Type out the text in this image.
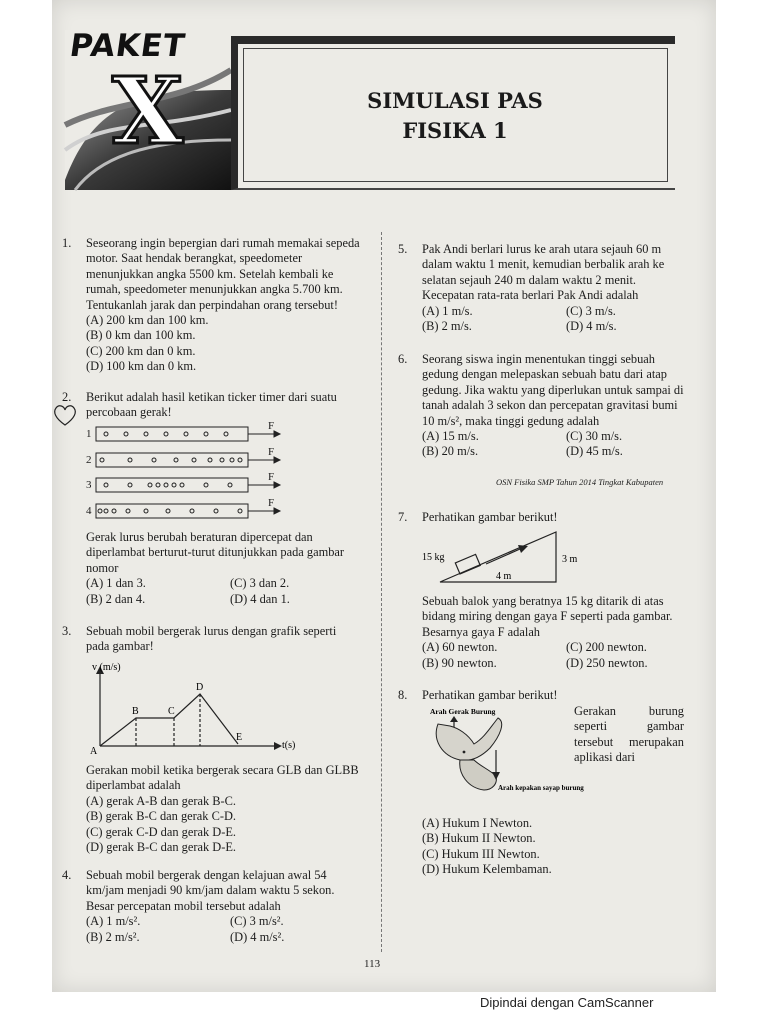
PAKET
X	SIMULASI PAS
FISIKA 1
1. Seseorang ingin bepergian dari rumah memakai sepeda motor. Saat hendak berangkat, speedometer menunjukkan angka 5500 km. Setelah kembali ke rumah, speedometer menunjukkan angka 5.700 km. Tentukanlah jarak dan perpindahan orang tersebut!

(A) 200 km dan 100 km.
(B) 0 km dan 100 km.
(C) 200 km dan 0 km.
(D) 100 km dan 0 km.
2. Berikut adalah hasil ketikan ticker timer dari suatu percobaan gerak!

1
2
3
4
F
F
F
F

Gerak lurus berubah beraturan dipercepat dan diperlambat berturut-turut ditunjukkan pada gambar nomor

(A) 1 dan 3.	(C) 3 dan 2.
(B) 2 dan 4.	(D) 4 dan 1.
3. Sebuah mobil bergerak lurus dengan grafik seperti pada gambar!

v (m/s)
t(s)
A
B	C
D
E

Gerakan mobil ketika bergerak secara GLB dan GLBB diperlambat adalah

(A) gerak A-B dan gerak B-C.
(B) gerak B-C dan gerak C-D.
(C) gerak C-D dan gerak D-E.
(D) gerak B-C dan gerak D-E.
4. Sebuah mobil bergerak dengan kelajuan awal 54 km/jam menjadi 90 km/jam dalam waktu 5 sekon. Besar percepatan mobil tersebut adalah

(A) 1 m/s².	(C) 3 m/s².
(B) 2 m/s².	(D) 4 m/s².
5. Pak Andi berlari lurus ke arah utara sejauh 60 m dalam waktu 1 menit, kemudian berbalik arah ke selatan sejauh 240 m dalam waktu 2 menit. Kecepatan rata-rata berlari Pak Andi adalah

(A) 1 m/s.	(C) 3 m/s.
(B) 2 m/s.	(D) 4 m/s.
6. Seorang siswa ingin menentukan tinggi sebuah gedung dengan melepaskan sebuah batu dari atap gedung. Jika waktu yang diperlukan untuk sampai di tanah adalah 3 sekon dan percepatan gravitasi bumi 10 m/s², maka tinggi gedung adalah

(A) 15 m/s.	(C) 30 m/s.
(B) 20 m/s.	(D) 45 m/s.
OSN Fisika SMP Tahun 2014 Tingkat Kabupaten
7. Perhatikan gambar berikut!

15 kg	3 m
4 m

Sebuah balok yang beratnya 15 kg ditarik di atas bidang miring dengan gaya F seperti pada gambar. Besarnya gaya F adalah

(A) 60 newton.	(C) 200 newton.
(B) 90 newton.	(D) 250 newton.
8. Perhatikan gambar berikut!

Arah Gerak Burung
Arah kepakan sayap burung

Gerakan burung seperti gambar tersebut merupakan aplikasi dari

(A) Hukum I Newton.
(B) Hukum II Newton.
(C) Hukum III Newton.
(D) Hukum Kelembaman.
113
Dipindai dengan CamScanner
